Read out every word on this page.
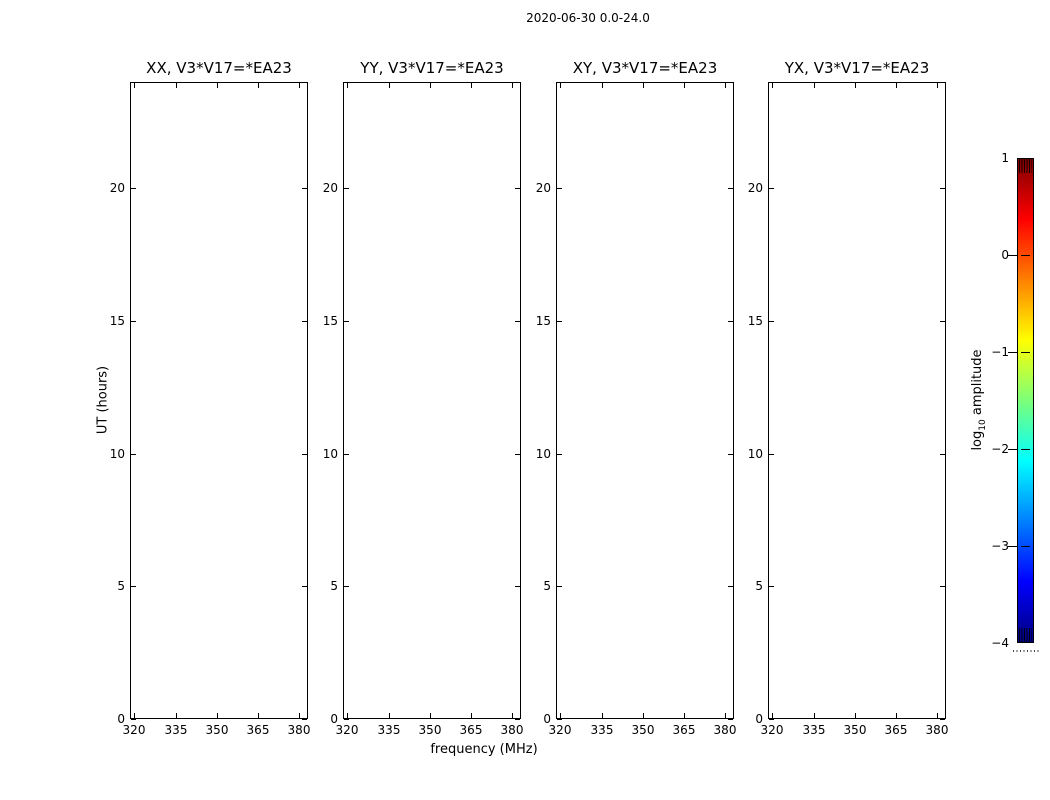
2020-06-30 0.0-24.0
frequency (MHz)
UT (hours)
XX, V3*V17=*EA23
320 335 350 365 380
0
5
10
15
20
YY, V3*V17=*EA23
320 335 350 365 380
0
5
10
15
20
XY, V3*V17=*EA23
320 335 350 365 380
0
5
10
15
20
YX, V3*V17=*EA23
320 335 350 365 380
0
5
10
15
20
1
0
−1
−2
−3
−4
$\log_{10}$ amplitude
